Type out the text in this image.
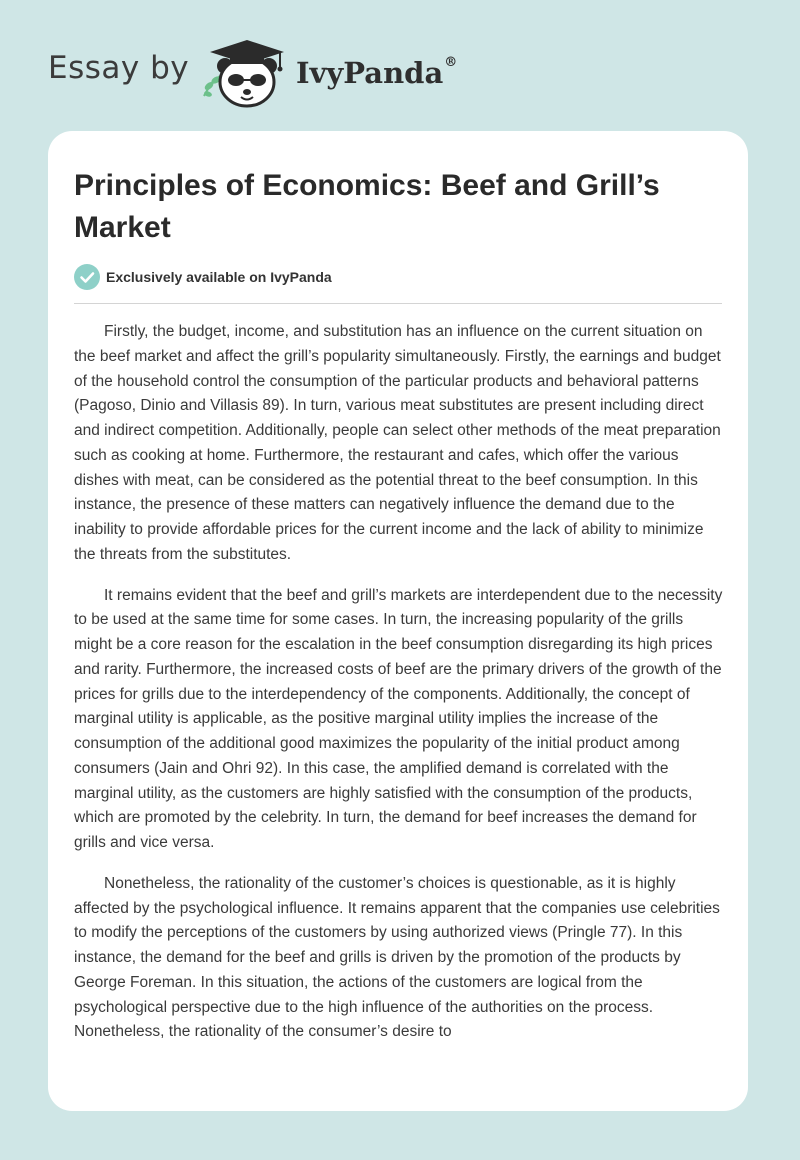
Essay by	IvyPanda®
Principles of Economics: Beef and Grill’s Market
Exclusively available on IvyPanda

Firstly, the budget, income, and substitution has an influence on the current situation on the beef market and affect the grill’s popularity simultaneously. Firstly, the earnings and budget of the household control the consumption of the particular products and behavioral patterns (Pagoso, Dinio and Villasis 89). In turn, various meat substitutes are present including direct and indirect competition. Additionally, people can select other methods of the meat preparation such as cooking at home. Furthermore, the restaurant and cafes, which offer the various dishes with meat, can be considered as the potential threat to the beef consumption. In this instance, the presence of these matters can negatively influence the demand due to the inability to provide affordable prices for the current income and the lack of ability to minimize the threats from the substitutes.

It remains evident that the beef and grill’s markets are interdependent due to the necessity to be used at the same time for some cases. In turn, the increasing popularity of the grills might be a core reason for the escalation in the beef consumption disregarding its high prices and rarity. Furthermore, the increased costs of beef are the primary drivers of the growth of the prices for grills due to the interdependency of the components. Additionally, the concept of marginal utility is applicable, as the positive marginal utility implies the increase of the consumption of the additional good maximizes the popularity of the initial product among consumers (Jain and Ohri 92). In this case, the amplified demand is correlated with the marginal utility, as the customers are highly satisfied with the consumption of the products, which are promoted by the celebrity. In turn, the demand for beef increases the demand for grills and vice versa.

Nonetheless, the rationality of the customer’s choices is questionable, as it is highly affected by the psychological influence. It remains apparent that the companies use celebrities to modify the perceptions of the customers by using authorized views (Pringle 77). In this instance, the demand for the beef and grills is driven by the promotion of the products by George Foreman. In this situation, the actions of the customers are logical from the psychological perspective due to the high influence of the authorities on the process. Nonetheless, the rationality of the consumer’s desire to
